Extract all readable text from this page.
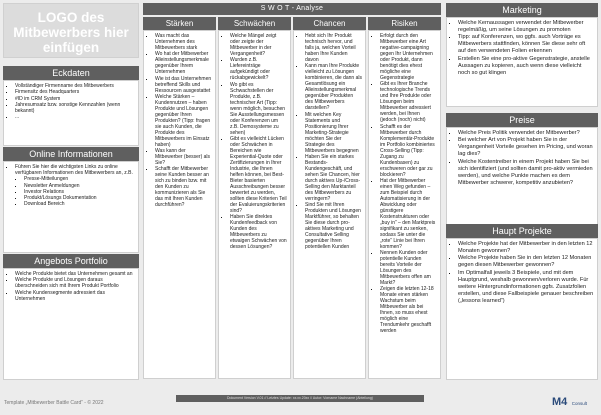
LOGO des Mitbewerbers hier einfügen
Eckdaten
▪ Vollständiger Firmenname des Mitbewerbers
▪ Firmensitz des Headquarters
▪ #ID im CRM System
▪ Jahresumsatz bzw. sonstige Kennzahlen (wenn bekannt)
▪ ...
Online Informationen
▪ Führen Sie hier die wichtigsten Links zu online verfügbaren Informationen des Mitbewerbers an, z.B.
▪ Presse-Mitteilungen
▪ Newsletter Anmeldungen
▪ Investor Relations
▪ Produkt/Lösungs Dokumentation
▪ Download Bereich
Angebots Portfolio
▪ Welche Produkte bietet das Unternehmen gesamt an
▪ Welche Produkte und Lösungen daraus überschneiden sich mit Ihrem Produkt Portfolio
▪ Welche Kundensegmente adressiert das Unternehmen
S W O T - Analyse
Stärken	Schwächen	Chancen	Risiken
▪ Was macht das Unternehmen des Mitbewerbers stark
▪ Wo hat der Mitbewerber Alleinstellungsmerkmale gegenüber Ihrem Unternehmen
▪ Wie ist das Unternehmen betreffend Skills und Ressourcen ausgestattet
▪ Welche Stärken – Kundennutzen – haben Produkte und Lösungen gegenüber Ihren Produkten? (Tipp: fragen sie auch Kunden, die Produkte des Mitbewerbers im Einsatz haben)
▪ Was kann der Mitbewerber (besser) als Sie?
▪ Schafft der Mitbewerber seine Kunden besser an sich zu binden bzw. mit den Kunden zu kommunizieren als Sie das mit Ihren Kunden durchführen?
▪ Welche Mängel zeigt oder zeigte der Mitbewerber in der Vergangenheit?
▪ Wurden z.B. Liefereinträge aufgekündigt oder rückabgewickelt?
▪ Wo gibt es Schwachstellen der Produkte, z.B. technischer Art (Tipp: wenn möglich, besuchen Sie Ausstellungsmessen oder Konferenzen um z.B. Demosysteme zu sehen)
▪ Gibt es vielleicht Lücken oder Schwächen in Bereichen wie Experiential-Quote oder Zertifizierungen in Ihrer Industrie, die Ihnen helfen können, bei Best-Bieter basierten Ausschreibungen besser bewertet zu werden, sollten diese Kriterien Teil der Evaluierungskriterien sind?
▪ Haben Sie direktes Kundenfeedback von Kunden des Mitbewerbers zu etwaigen Schwächen von dessen Lösungen?
▪ Hebt sich Ihr Produkt technisch hervor, und falls ja, welchen Vorteil haben Ihre Kunden davon
▪ Kann man Ihre Produkte vielleicht zu Lösungen kombinieren, die dann als Gesamtlösung ein Alleinstellungsmerkmal gegenüber Produkten des Mitbewerbers darstellen?
▪ Mit welchen Key Statements und Positionierung Ihrer Marketing-Strategie möchten Sie der Strategie des Mitbewerbers begegnen
▪ Haben Sie ein starkes Bestands-Kundengeschäft, und sehen Sie Chancen, hier durch aktives Up-/Cross-Selling den Marktanteil des Mitbewerbers zu verringern?
▪ Sind Sie mit Ihren Produkten und Lösungen Marktführer, so behalten Sie diese durch pro-aktives Marketing und Consultative Selling gegenüber Ihren potentiellen Kunden
▪ Erfolgt durch den Mitbewerber eine Art negative-campaigning gegen Ihr Unternehmen oder Produkt, dann benötigt dies ehest mögliche eine Gegenstrategie
▪ Gibt es Ihrer Branche technologische Trends und Ihre Produkte oder Lösungen beim Mitbewerber adressiert werden, bei Ihnen (jedoch (noch) nicht)
▪ Schafft es der Mitbewerber durch Komplementär-Produkte im Portfolio kombiniertes Cross-Selling (Tipp: Zugang zu Kundenbasen) zu erschweren oder gar zu blockieren?
▪ Hat der Mitbewerber einen Weg gefunden – zum Beispiel durch Automatisierung in der Abwicklung oder günstigere Kostenstrukturen oder „buy in“ – den Marktpreis signifikant zu senken, sodass Sie unter die „rote“ Linie bei Ihren kommen?
▪ Nennen Kunden oder potentielle Kunden bereits Vorteile der Lösungen des Mitbewerbers offen am Markt?
▪ Zeigen die letzten 12-18 Monate einen stärken Wachstum beim Mitbewerber als bei Ihnen, so muss ehest möglich eine Trendumkehr geschafft werden
Marketing
▪ Welche Kernaussagen verwendet der Mitbewerber regelmäßig, um seine Lösungen zu promoten
▪ Tipp: auf Konferenzen, wo ggfs. auch Vorträge es Mitbewerbers stattfinden, können Sie diese sehr oft auf den verwendeten Folien erkennen
▪ Erstellen Sie eine pro-aktive Gegenstrategie, anstelle Aussagen zu kopieren, auch wenn diese vielleicht noch so gut klingen
Preise
▪ Welche Preis Politik verwendet der Mitbewerber?
▪ Bei welcher Art von Projekt haben Sie in der Vergangenheit Vorteile gesehen im Pricing, und woran lag dies?
▪ Welche Kostentreiber in einem Projekt haben Sie bei sich identifiziert (und sollten damit pro-aktiv vermieden werden), und welche Punkte machen es dem Mitbewerber schwerer, kompetitiv anzubieten?
Haupt Projekte
▪ Welche Projekte hat der Mitbewerber in den letzten 12 Monaten gewonnen?
▪ Welche Projekte haben Sie in den letzten 12 Monaten gegen diesen Mitbewerber gewonnen?
▪ Im Optimalfall jeweils 3 Beispiele, und mit dem Hauptgrund, weshalb gewonnen/verloren wurde. Für weitere Hintergrundinformationen ggfs. Zusatzfolien erstellen, und diese Fallbeispiele genauer beschreiben („lessons learned“)
Template „Mitbewerber Battle Card“ - © 2022
Dokument Version V.01 // Letztes Update: xx.xx.20xx // Autor: Vorname Nachname (Abteilung)	M4 Consult
